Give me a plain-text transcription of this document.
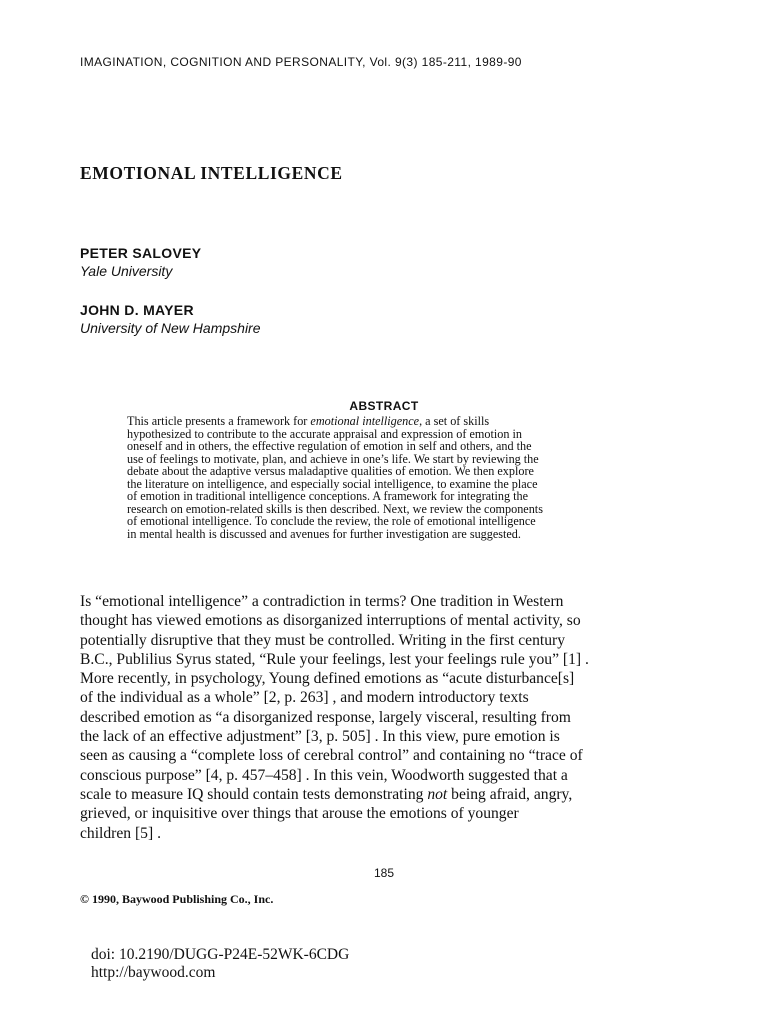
IMAGINATION, COGNITION AND PERSONALITY, Vol. 9(3) 185-211, 1989-90
EMOTIONAL INTELLIGENCE
PETER SALOVEY
Yale University
JOHN D. MAYER
University of New Hampshire
ABSTRACT
This article presents a framework for emotional intelligence, a set of skills
hypothesized to contribute to the accurate appraisal and expression of emotion in
oneself and in others, the effective regulation of emotion in self and others, and the
use of feelings to motivate, plan, and achieve in one’s life. We start by reviewing the
debate about the adaptive versus maladaptive qualities of emotion. We then explore
the literature on intelligence, and especially social intelligence, to examine the place
of emotion in traditional intelligence conceptions. A framework for integrating the
research on emotion-related skills is then described. Next, we review the components
of emotional intelligence. To conclude the review, the role of emotional intelligence
in mental health is discussed and avenues for further investigation are suggested.
Is “emotional intelligence” a contradiction in terms? One tradition in Western
thought has viewed emotions as disorganized interruptions of mental activity, so
potentially disruptive that they must be controlled. Writing in the first century
B.C., Publilius Syrus stated, “Rule your feelings, lest your feelings rule you” [1] .
More recently, in psychology, Young defined emotions as “acute disturbance[s]
of the individual as a whole” [2, p. 263] , and modern introductory texts
described emotion as “a disorganized response, largely visceral, resulting from
the lack of an effective adjustment” [3, p. 505] . In this view, pure emotion is
seen as causing a “complete loss of cerebral control” and containing no “trace of
conscious purpose” [4, p. 457–458] . In this vein, Woodworth suggested that a
scale to measure IQ should contain tests demonstrating not being afraid, angry,
grieved, or inquisitive over things that arouse the emotions of younger
children [5] .
185
© 1990, Baywood Publishing Co., Inc.
doi: 10.2190/DUGG-P24E-52WK-6CDG
http://baywood.com
